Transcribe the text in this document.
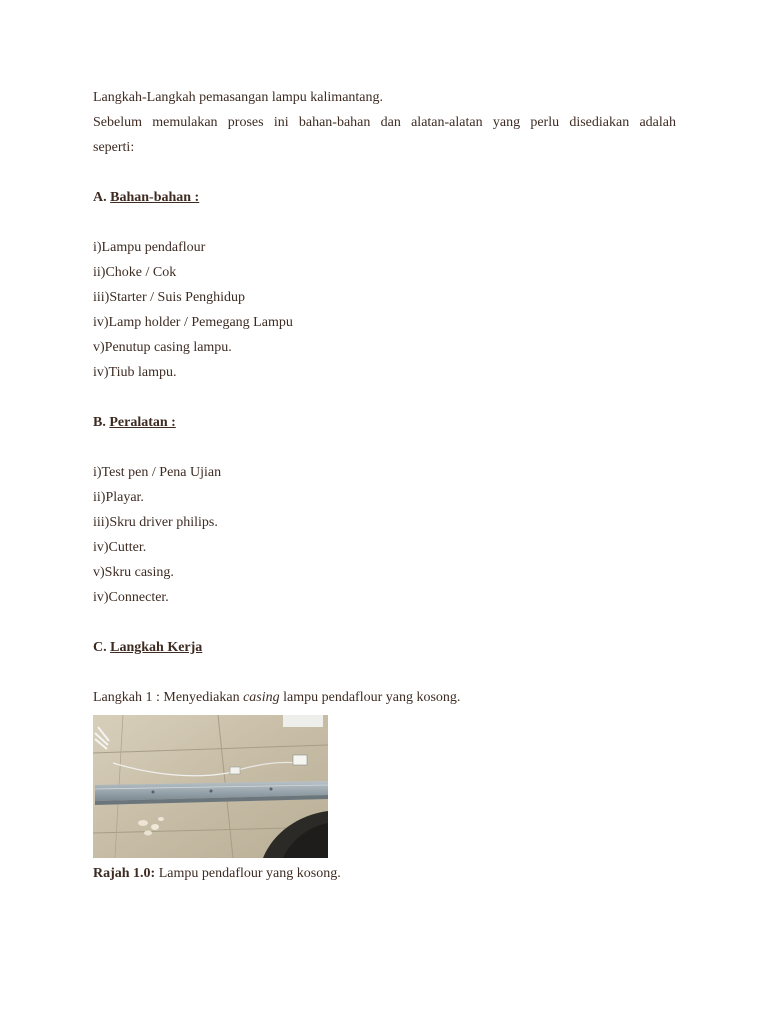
Langkah-Langkah pemasangan lampu kalimantang.

Sebelum memulakan proses ini bahan-bahan dan alatan-alatan yang perlu disediakan adalah

seperti:

A. Bahan-bahan :

i)Lampu pendaflour

ii)Choke / Cok

iii)Starter / Suis Penghidup

iv)Lamp holder / Pemegang Lampu

v)Penutup casing lampu.

iv)Tiub lampu.

B. Peralatan :

i)Test pen / Pena Ujian

ii)Playar.

iii)Skru driver philips.

iv)Cutter.

v)Skru casing.

iv)Connecter.

C. Langkah Kerja

Langkah 1 : Menyediakan casing lampu pendaflour yang kosong.

Rajah 1.0: Lampu pendaflour yang kosong.
